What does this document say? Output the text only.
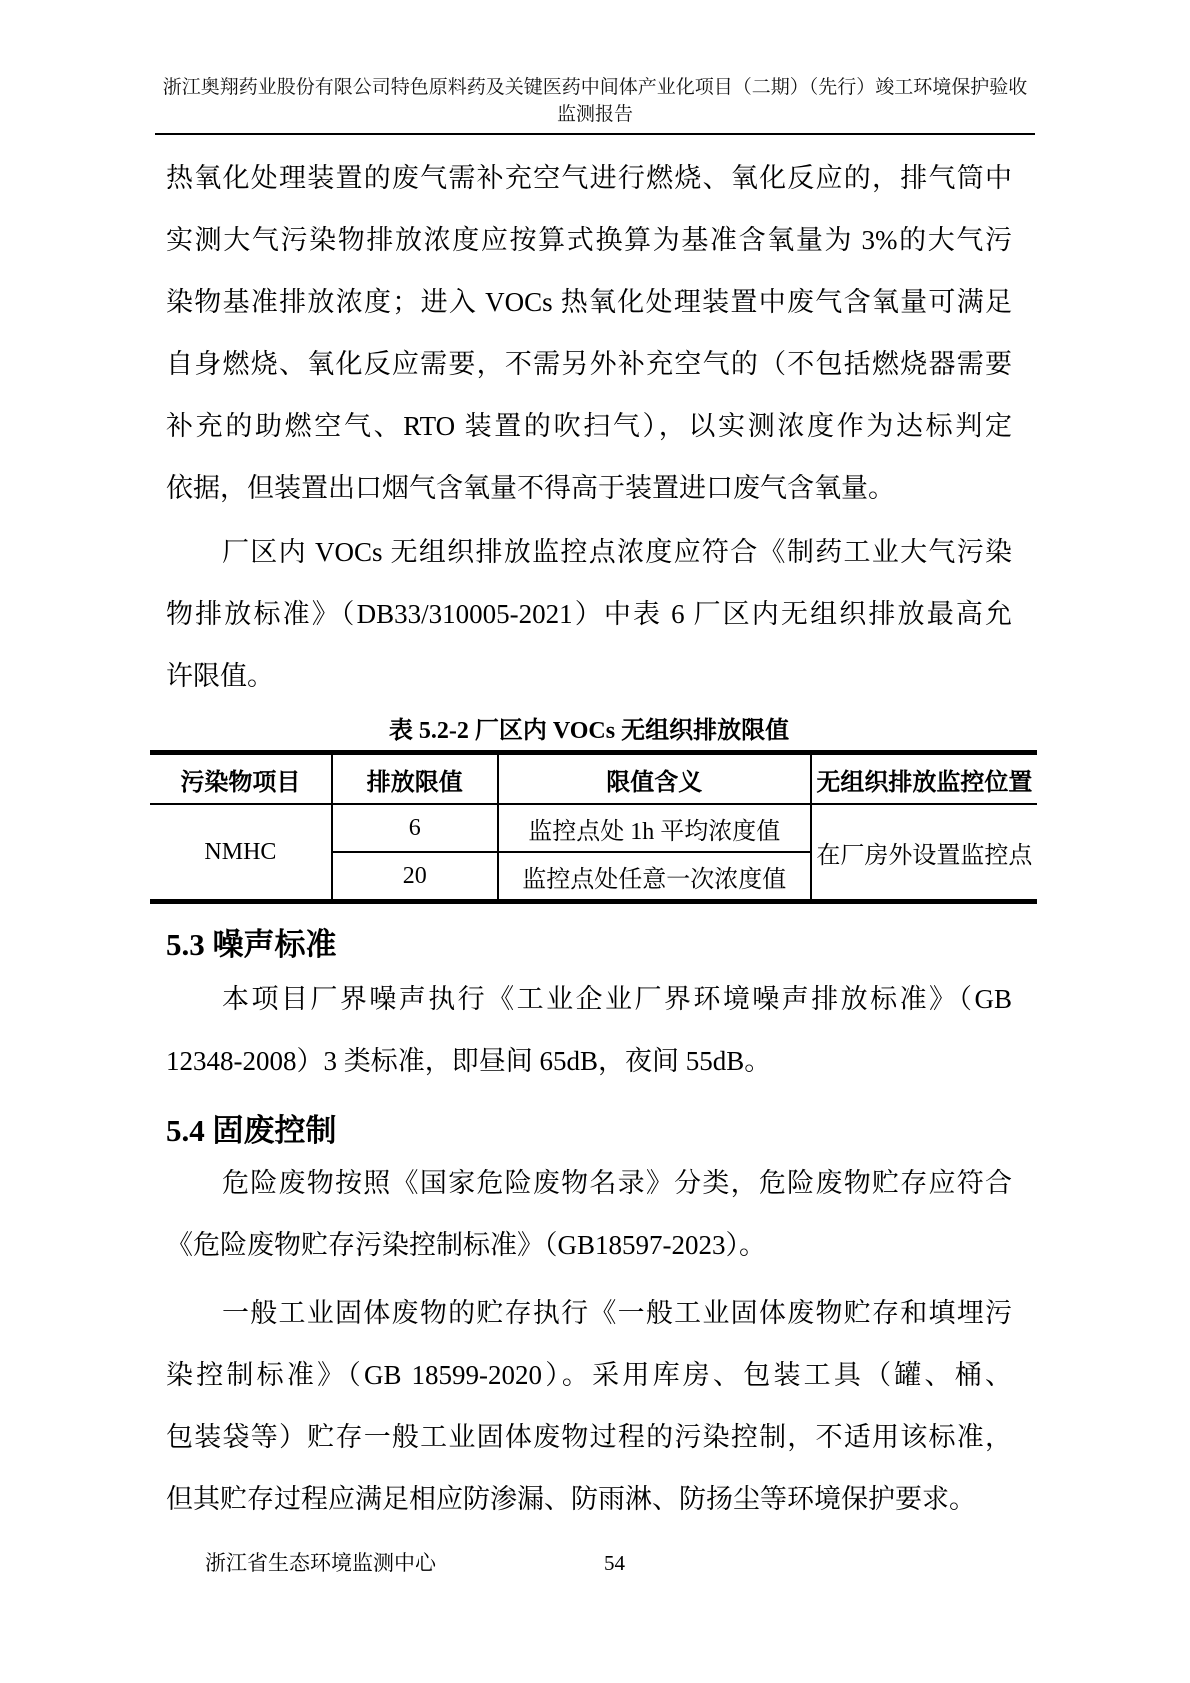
浙江奥翔药业股份有限公司特色原料药及关键医药中间体产业化项目（二期）（先行）竣工环境保护验收
监测报告
热氧化处理装置的废气需补充空气进行燃烧、氧化反应的，排气筒中
实测大气污染物排放浓度应按算式换算为基准含氧量为 3%的大气污
染物基准排放浓度；进入 VOCs 热氧化处理装置中废气含氧量可满足
自身燃烧、氧化反应需要，不需另外补充空气的（不包括燃烧器需要
补充的助燃空气、RTO 装置的吹扫气），以实测浓度作为达标判定
依据，但装置出口烟气含氧量不得高于装置进口废气含氧量。
厂区内 VOCs 无组织排放监控点浓度应符合《制药工业大气污染
物排放标准》（DB33/310005-2021）中表 6 厂区内无组织排放最高允
许限值。
表 5.2-2 厂区内 VOCs 无组织排放限值
污染物项目	排放限值	限值含义	无组织排放监控位置
NMHC	6	监控点处 1h 平均浓度值	在厂房外设置监控点
	20	监控点处任意一次浓度值	
5.3 噪声标准
本项目厂界噪声执行《工业企业厂界环境噪声排放标准》（GB
12348-2008）3 类标准，即昼间 65dB，夜间 55dB。
5.4 固废控制
危险废物按照《国家危险废物名录》分类，危险废物贮存应符合
《危险废物贮存污染控制标准》（GB18597-2023）。
一般工业固体废物的贮存执行《一般工业固体废物贮存和填埋污
染控制标准》（GB 18599-2020）。采用库房、包装工具（罐、桶、
包装袋等）贮存一般工业固体废物过程的污染控制，不适用该标准，
但其贮存过程应满足相应防渗漏、防雨淋、防扬尘等环境保护要求。
浙江省生态环境监测中心	54
